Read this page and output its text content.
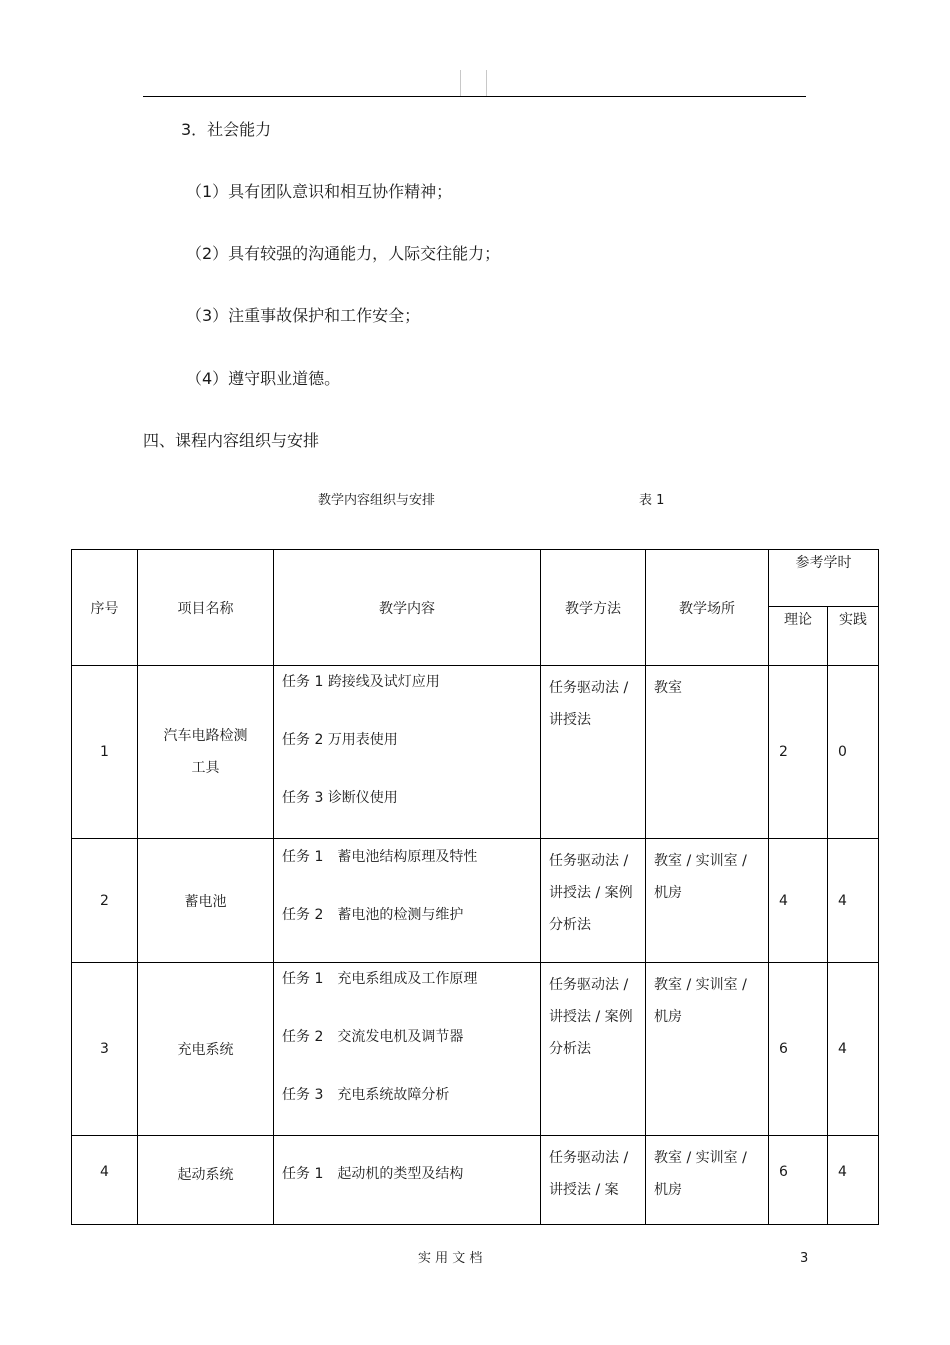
3．社会能力
（1）具有团队意识和相互协作精神；
（2）具有较强的沟通能力，人际交往能力；
（3）注重事故保护和工作安全；
（4）遵守职业道德。
四、课程内容组织与安排
教学内容组织与安排	表 1
序号	项目名称	教学内容	教学方法	教学场所	参考学时	
					理论	实践
1	汽车电路检测工具	任务 1 跨接线及试灯应用
任务 2 万用表使用
任务 3 诊断仪使用	任务驱动法 / 讲授法	教室	2	0
2	蓄电池	任务 1 蓄电池结构原理及特性
任务 2 蓄电池的检测与维护	任务驱动法 / 讲授法 / 案例分析法	教室 / 实训室 / 机房	4	4
3	充电系统	任务 1 充电系组成及工作原理
任务 2 交流发电机及调节器
任务 3 充电系统故障分析	任务驱动法 / 讲授法 / 案例分析法	教室 / 实训室 / 机房	6	4
4	起动系统	任务 1 起动机的类型及结构	任务驱动法 / 讲授法 / 案	教室 / 实训室 / 机房	6	4
实 用 文 档	3
